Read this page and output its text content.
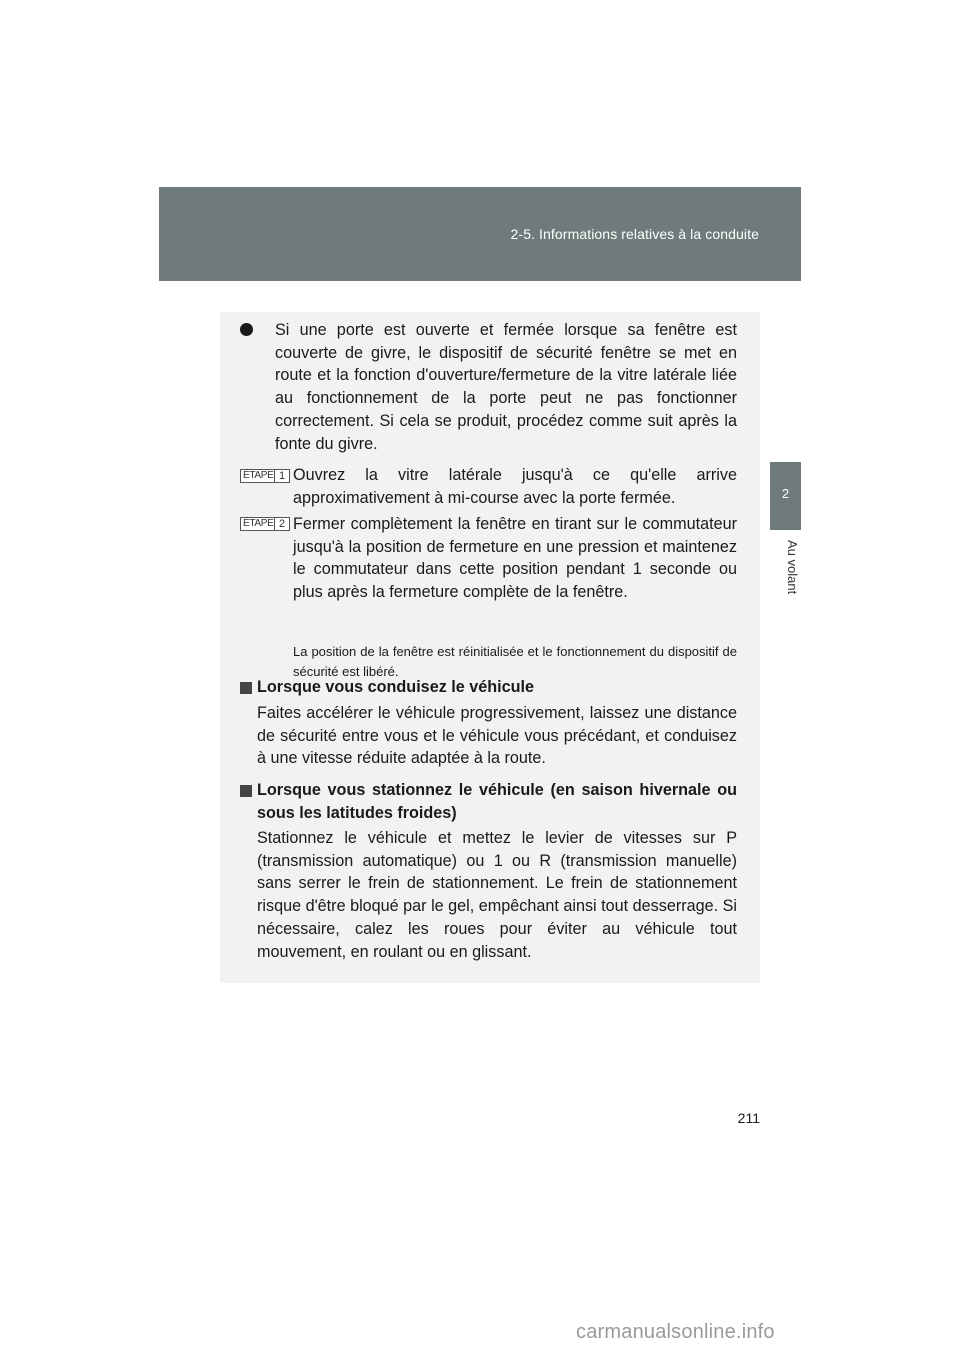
2-5. Informations relatives à la conduite
2
Au volant

Si une porte est ouverte et fermée lorsque sa fenêtre est couverte de givre, le dispositif de sécurité fenêtre se met en route et la fonction d'ouverture/fermeture de la vitre latérale liée au fonctionnement de la porte peut ne pas fonctionner correctement. Si cela se produit, procédez comme suit après la fonte du givre.

ÉTAPE 1 Ouvrez la vitre latérale jusqu'à ce qu'elle arrive approximativement à mi-course avec la porte fermée.

ÉTAPE 2 Fermer complètement la fenêtre en tirant sur le commutateur jusqu'à la position de fermeture en une pression et maintenez le commutateur dans cette position pendant 1 seconde ou plus après la fermeture complète de la fenêtre.

La position de la fenêtre est réinitialisée et le fonctionnement du dispositif de sécurité est libéré.

Lorsque vous conduisez le véhicule

Faites accélérer le véhicule progressivement, laissez une distance de sécurité entre vous et le véhicule vous précédant, et conduisez à une vitesse réduite adaptée à la route.

Lorsque vous stationnez le véhicule (en saison hivernale ou sous les latitudes froides)

Stationnez le véhicule et mettez le levier de vitesses sur P (transmission automatique) ou 1 ou R (transmission manuelle) sans serrer le frein de stationnement. Le frein de stationnement risque d'être bloqué par le gel, empêchant ainsi tout desserrage. Si nécessaire, calez les roues pour éviter au véhicule tout mouvement, en roulant ou en glissant.

211
carmanualsonline.info
